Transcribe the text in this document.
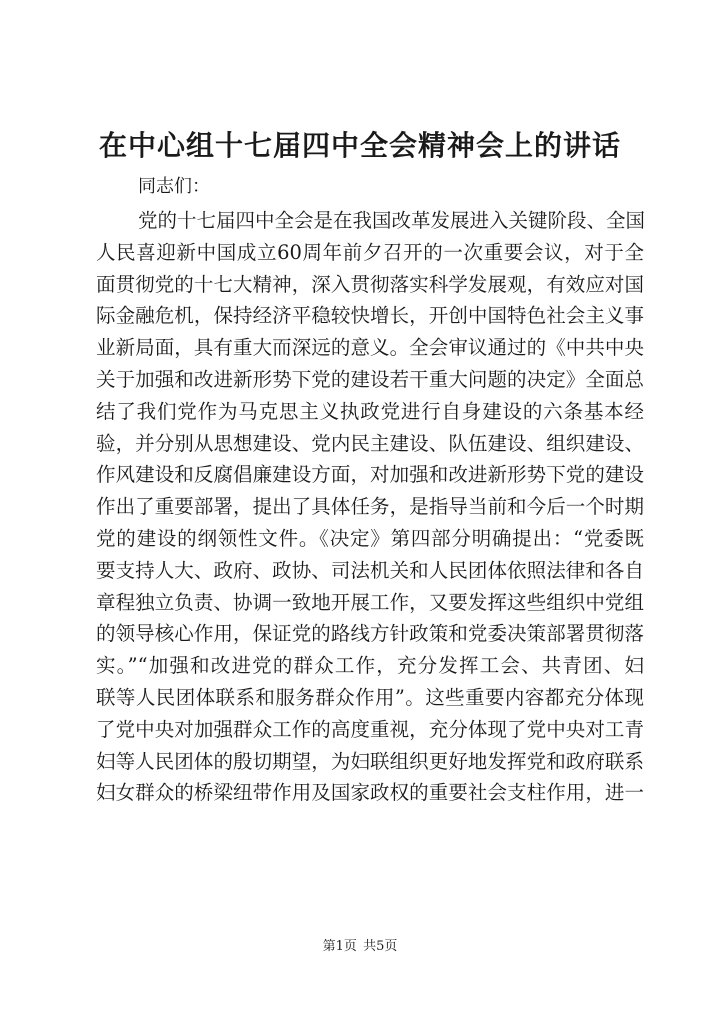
在中心组十七届四中全会精神会上的讲话
同志们：
党的十七届四中全会是在我国改革发展进入关键阶段、全国
人民喜迎新中国成立60周年前夕召开的一次重要会议，对于全
面贯彻党的十七大精神，深入贯彻落实科学发展观，有效应对国
际金融危机，保持经济平稳较快增长，开创中国特色社会主义事
业新局面，具有重大而深远的意义。全会审议通过的《中共中央
关于加强和改进新形势下党的建设若干重大问题的决定》全面总
结了我们党作为马克思主义执政党进行自身建设的六条基本经
验，并分别从思想建设、党内民主建设、队伍建设、组织建设、
作风建设和反腐倡廉建设方面，对加强和改进新形势下党的建设
作出了重要部署，提出了具体任务，是指导当前和今后一个时期
党的建设的纲领性文件。《决定》第四部分明确提出：“党委既
要支持人大、政府、政协、司法机关和人民团体依照法律和各自
章程独立负责、协调一致地开展工作，又要发挥这些组织中党组
的领导核心作用，保证党的路线方针政策和党委决策部署贯彻落
实。”“加强和改进党的群众工作，充分发挥工会、共青团、妇
联等人民团体联系和服务群众作用”。这些重要内容都充分体现
了党中央对加强群众工作的高度重视，充分体现了党中央对工青
妇等人民团体的殷切期望，为妇联组织更好地发挥党和政府联系
妇女群众的桥梁纽带作用及国家政权的重要社会支柱作用，进一
第1页 共5页
